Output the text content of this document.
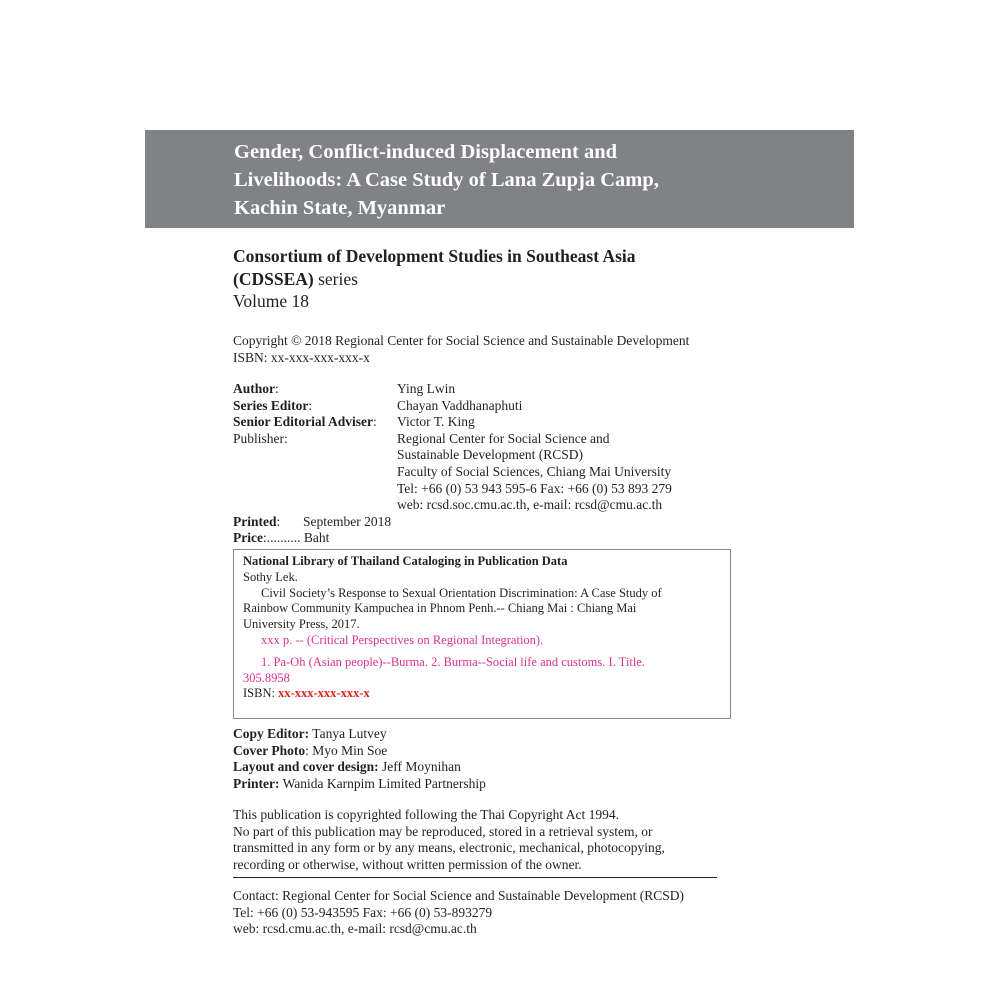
Gender, Conflict-induced Displacement and
Livelihoods: A Case Study of Lana Zupja Camp,
Kachin State, Myanmar
Consortium of Development Studies in Southeast Asia
(CDSSEA) series
Volume 18
Copyright © 2018 Regional Center for Social Science and Sustainable Development
ISBN: xx-xxx-xxx-xxx-x
Author:	Ying Lwin
Series Editor:	Chayan Vaddhanaphuti
Senior Editorial Adviser:	Victor T. King
Publisher:	Regional Center for Social Science and
Sustainable Development (RCSD)
Faculty of Social Sciences, Chiang Mai University
Tel: +66 (0) 53 943 595-6 Fax: +66 (0) 53 893 279
web: rcsd.soc.cmu.ac.th, e-mail: rcsd@cmu.ac.th
Printed:	September 2018
Price: .......... Baht
National Library of Thailand Cataloging in Publication Data
Sothy Lek.
Civil Society’s Response to Sexual Orientation Discrimination: A Case Study of
Rainbow Community Kampuchea in Phnom Penh.-- Chiang Mai : Chiang Mai
University Press, 2017.
xxx p. -- (Critical Perspectives on Regional Integration).
1. Pa-Oh (Asian people)--Burma. 2. Burma--Social life and customs. I. Title.
305.8958
ISBN: xx-xxx-xxx-xxx-x
Copy Editor: Tanya Lutvey
Cover Photo: Myo Min Soe
Layout and cover design: Jeff Moynihan
Printer: Wanida Karnpim Limited Partnership
This publication is copyrighted following the Thai Copyright Act 1994.
No part of this publication may be reproduced, stored in a retrieval system, or
transmitted in any form or by any means, electronic, mechanical, photocopying,
recording or otherwise, without written permission of the owner.
Contact: Regional Center for Social Science and Sustainable Development (RCSD)
Tel: +66 (0) 53-943595 Fax: +66 (0) 53-893279
web: rcsd.cmu.ac.th, e-mail: rcsd@cmu.ac.th
